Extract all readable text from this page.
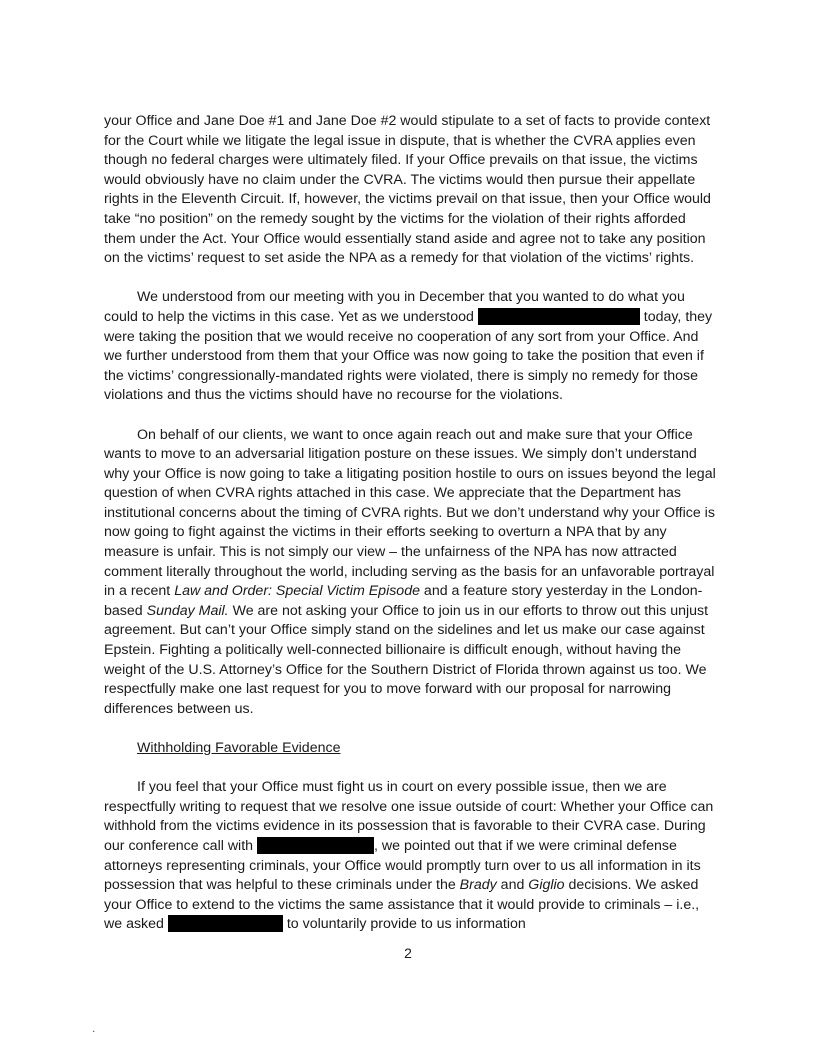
your Office and Jane Doe #1 and Jane Doe #2 would stipulate to a set of facts to provide context for the Court while we litigate the legal issue in dispute, that is whether the CVRA applies even though no federal charges were ultimately filed. If your Office prevails on that issue, the victims would obviously have no claim under the CVRA. The victims would then pursue their appellate rights in the Eleventh Circuit. If, however, the victims prevail on that issue, then your Office would take “no position” on the remedy sought by the victims for the violation of their rights afforded them under the Act. Your Office would essentially stand aside and agree not to take any position on the victims’ request to set aside the NPA as a remedy for that violation of the victims’ rights.

We understood from our meeting with you in December that you wanted to do what you could to help the victims in this case. Yet as we understood	today, they were taking the position that we would receive no cooperation of any sort from your Office. And we further understood from them that your Office was now going to take the position that even if the victims’ congressionally-mandated rights were violated, there is simply no remedy for those violations and thus the victims should have no recourse for the violations.

On behalf of our clients, we want to once again reach out and make sure that your Office wants to move to an adversarial litigation posture on these issues. We simply don’t understand why your Office is now going to take a litigating position hostile to ours on issues beyond the legal question of when CVRA rights attached in this case. We appreciate that the Department has institutional concerns about the timing of CVRA rights. But we don’t understand why your Office is now going to fight against the victims in their efforts seeking to overturn a NPA that by any measure is unfair. This is not simply our view – the unfairness of the NPA has now attracted comment literally throughout the world, including serving as the basis for an unfavorable portrayal in a recent Law and Order: Special Victim Episode and a feature story yesterday in the London-based Sunday Mail. We are not asking your Office to join us in our efforts to throw out this unjust agreement. But can’t your Office simply stand on the sidelines and let us make our case against Epstein. Fighting a politically well-connected billionaire is difficult enough, without having the weight of the U.S. Attorney’s Office for the Southern District of Florida thrown against us too. We respectfully make one last request for you to move forward with our proposal for narrowing differences between us.

Withholding Favorable Evidence

If you feel that your Office must fight us in court on every possible issue, then we are respectfully writing to request that we resolve one issue outside of court: Whether your Office can withhold from the victims evidence in its possession that is favorable to their CVRA case. During our conference call with	, we pointed out that if we were criminal defense attorneys representing criminals, your Office would promptly turn over to us all information in its possession that was helpful to these criminals under the Brady and Giglio decisions. We asked your Office to extend to the victims the same assistance that it would provide to criminals – i.e., we asked	to voluntarily provide to us information

2
.
